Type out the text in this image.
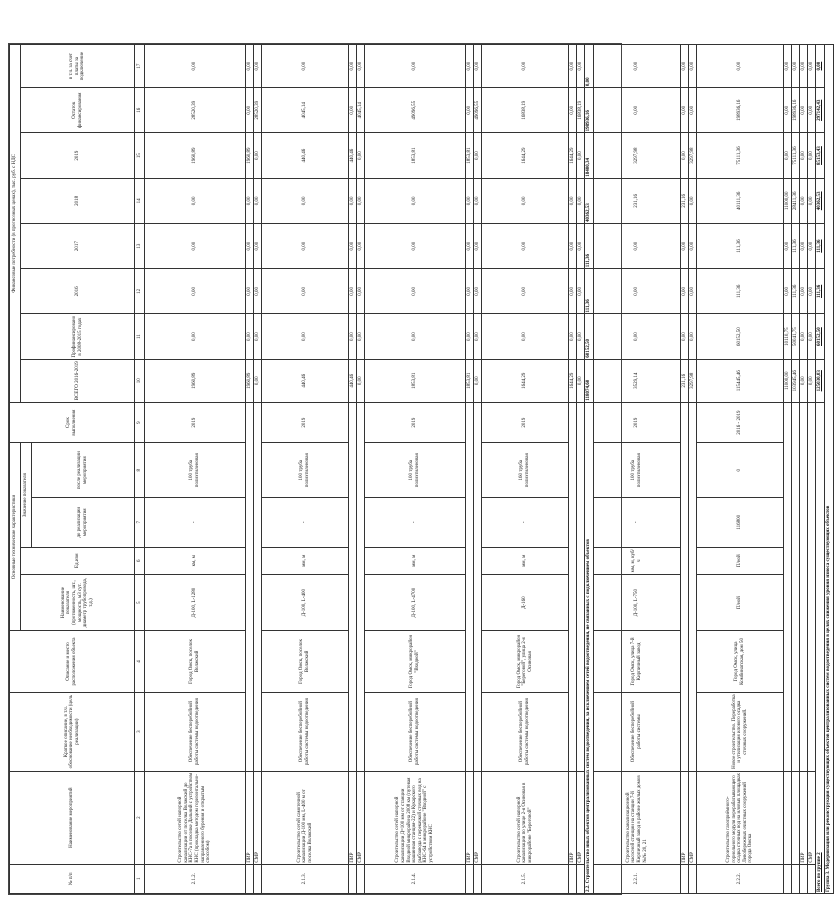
№ п/п	Наименование мероприятий	Краткое описание, в т.ч. обоснование необходимости (цель реализации)	Описание и место расположения объекта	Основные технические характеристики				Срок выполнения	Финансовые потребности (в прогнозных ценах), тыс. руб. с НДС							
				Наименование показателя (протяженность, шт., мощность, м3 сут. диаметр трубопровода, т.д.)	Ед.изм	Значение показателя			ВСЕГО 2016-2019	Профинансировано в 2008-2015 годах	2016	2017	2018	2019	Остаток финансирования	в т.ч. за счет платы за подключение
						до реализации мероприятия	после реализации мероприятия									
1	2	3	4	5	6	7	8	9	10	11	12	13	14	15	16	17
2.1.2.	Строительство сетей напорной канализации от поселка Волжский до КНС-7а в поселке Дальний с устройством КНС (прокладка методом горизонтально-направленного бурения и открытым способом)	Обеспечение бесперебойной работы системы водоотведения	Город Омск, поселок Волжский	Д-100, L-1280	км, м	-	100 труба полиэтиленовая	2019	1960,89	0,00	0,00	0,00	0,00	1960,89	28520,39	0,00
	ПИР								1960,89	0,00	0,00	0,00	0,00	1960,89	0,00	0,00
	СМР								0,00	0,00	0,00	0,00	0,00	0,00	28520,39	0,00
2.1.3.	Строительство сетей самотечной канализации Д-100 мм, L-400 м от поселка Волжский	Обеспечение бесперебойной работы системы водоотведения	Город Омск, поселок Волжский	Д-100, L-400	мм, м	-	100 труба полиэтиленовая	2019	440,46	0,00	0,00	0,00	0,00	440,46	4045,14	0,00
	ПИР								440,46	0,00	0,00	0,00	0,00	440,46	0,00	0,00
	СМР								0,00	0,00	0,00	0,00	0,00	0,00	4045,14	0,00
2.1.4.	Строительство сетей напорной канализации Д=100 мм от станции Входной микрорайона 2008 км (путевая машинная станция-22) и Кукарского рыбзавода с перекачкой сточных вод на КНС-64 в микрорайоне "Входной" с устройством КНС	Обеспечение бесперебойной работы системы водоотведения	Город Омск, микрорайон "Входной"	Д-100, L-4700	мм, м	-	100 труба полиэтиленовая	2019	1853,81	0,00	0,00	0,00	0,00	1853,81	49096,55	0,00
	ПИР								1853,81	0,00	0,00	0,00	0,00	1853,81	0,00	0,00
	СМР								0,00	0,00	0,00	0,00	0,00	0,00	49096,55	0,00
2.1.5.	Строительство сетей напорной канализации по улице 2-я Осиновая в микрорайоне "Береговой"	Обеспечение бесперебойной работы системы водоотведения	Город Омск, микрорайон "Береговой", улица 2-я Осиновая	Д-160	мм, м	-	160 труба полиэтиленовая	2019	1644,29	0,00	0,00	0,00	0,00	1644,29	16838,19	0,00
	ПИР								1644,29	0,00	0,00	0,00	0,00	1644,29	0,00	0,00
	СМР								0,00	0,00	0,00	0,00	0,00	0,00	16838,19	0,00
2.2. Строительство иных объектов централизованных систем водоотведения, за исключением сетей водоотведения, не связанных с подключением объектов									118074,60	60152,50	111,36	111,36	40362,53	18400,34	198936,16	0,00
2.2.1.	Строительство канализационной насосной станции на станции 7-й Кирпичный завод в районе жилых домов №№ 20, 21	Обеспечение бесперебойной работы системы	Город Омск, улица 7-й Кирпичный завод	Д-100, L-750	мм, м, куб/ч	-	100 труба полиэтиленовая	2019	3529,14	0,00	0,00	0,00	231,16	3297,98	0,00	0,00
	ПИР								231,16	0,00	0,00	0,00	231,16	0,00	0,00	0,00
	СМР								3297,98	0,00	0,00	0,00	0,00	3297,98	0,00	0,00
2.2.2.	Строительство газоприёмного-горнольного модуля перерабатывающего осадка сточных вод на иловых площадках Левобережных очистных сооружений города Омска	Новое строительство. Переработка и утилизация илового осадка сточных сооружений.	Город Омск, улица Комбинатская, дом 50	П/ной	П/ной	116800	0	2016 - 2019	115445,46	60152,50	111,36	111,36	40111,36	75111,36	198936,16	0,00
									11000,00	10110,75	0,00	0,00	11000,00	0,00	0,00	0,00
									103945,46	50041,75	111,36	111,36	28411,36	75111,36	198936,16	0,00
	ПИР								0,00	0,00	0,00	0,00	0,00	0,00	0,00	0,00
	СМР								0,00	0,00	0,00	0,00	0,00	0,00	0,00	0,00
Всего по группе 2									125030,03	60152,50	111,36	111,36	40362,53	85153,43	297142,43	0,00
Группа 3. Модернизация или реконструкция существующих объектов централизованных систем водоотведения в целях снижения уровня износа существующих объектов																
